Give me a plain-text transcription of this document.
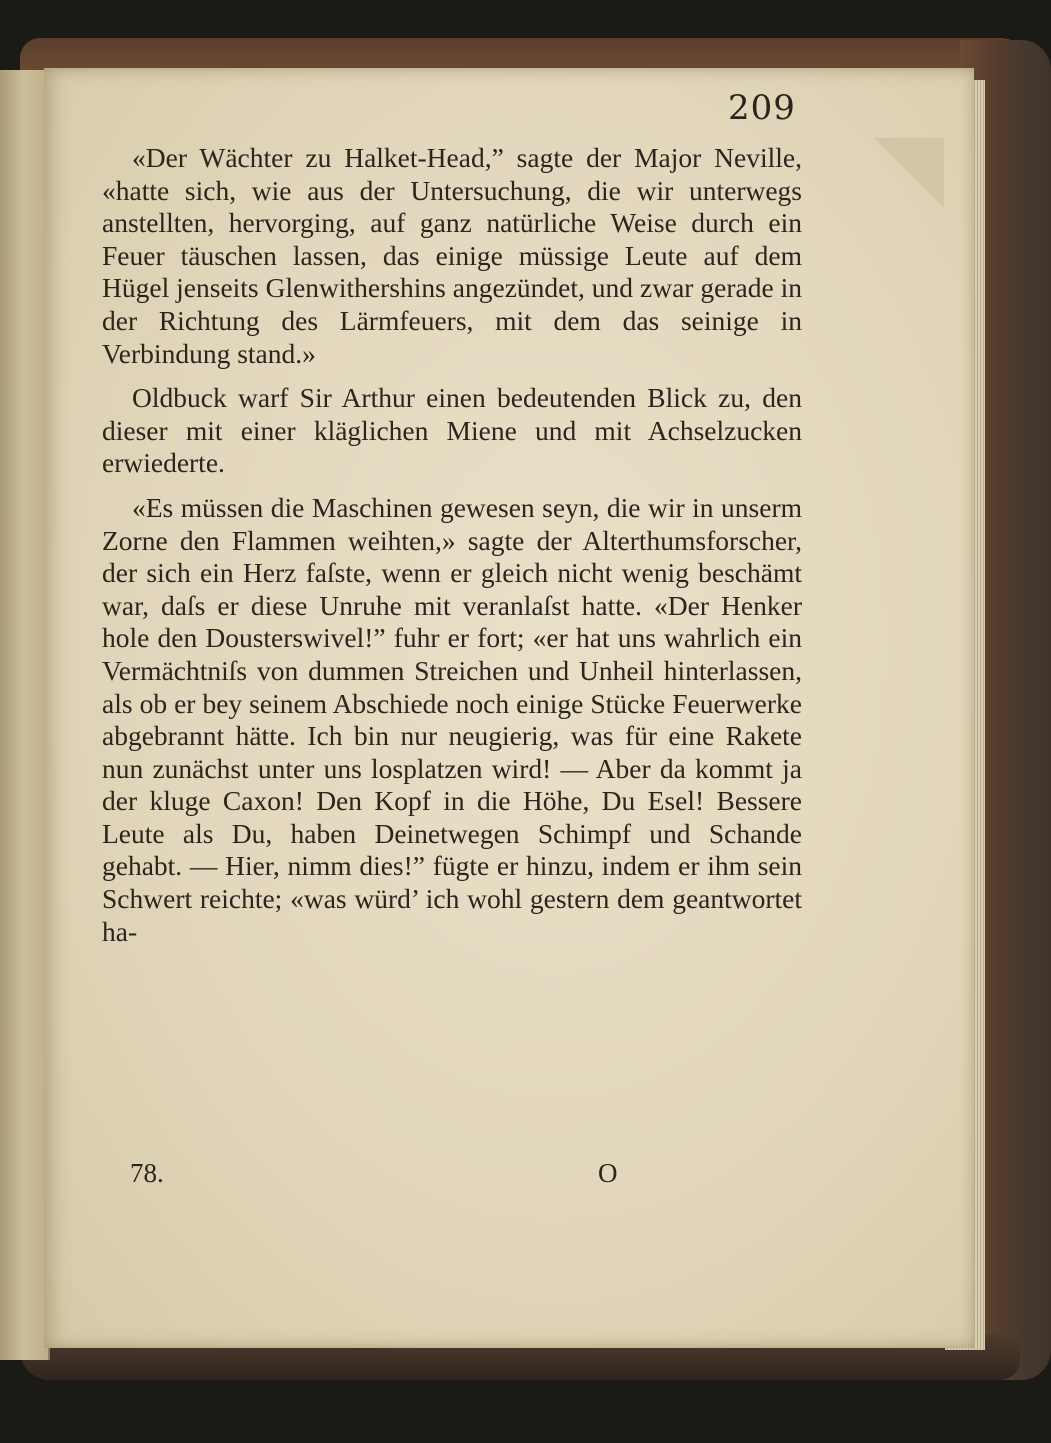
209

«Der Wächter zu Halket-Head,” sagte der Major Neville, «hatte sich, wie aus der Untersuchung, die wir unterwegs anstellten, hervorging, auf ganz natürliche Weise durch ein Feuer täuschen lassen, das einige müssige Leute auf dem Hügel jenseits Glenwithershins angezündet, und zwar gerade in der Richtung des Lärmfeuers, mit dem das seinige in Verbindung stand.»

Oldbuck warf Sir Arthur einen bedeutenden Blick zu, den dieser mit einer kläglichen Miene und mit Achselzucken erwiederte.

«Es müssen die Maschinen gewesen seyn, die wir in unserm Zorne den Flammen weihten,» sagte der Alterthumsforscher, der sich ein Herz faſste, wenn er gleich nicht wenig beschämt war, daſs er diese Unruhe mit veranlaſst hatte. «Der Henker hole den Dousterswivel!” fuhr er fort; «er hat uns wahrlich ein Vermächtniſs von dummen Streichen und Unheil hinterlassen, als ob er bey seinem Abschiede noch einige Stücke Feuerwerke abgebrannt hätte. Ich bin nur neugierig, was für eine Rakete nun zunächst unter uns losplatzen wird! — Aber da kommt ja der kluge Caxon! Den Kopf in die Höhe, Du Esel! Bessere Leute als Du, haben Deinetwegen Schimpf und Schande gehabt. — Hier, nimm dies!” fügte er hinzu, indem er ihm sein Schwert reichte; «was würd’ ich wohl gestern dem geantwortet ha-

78.	O
